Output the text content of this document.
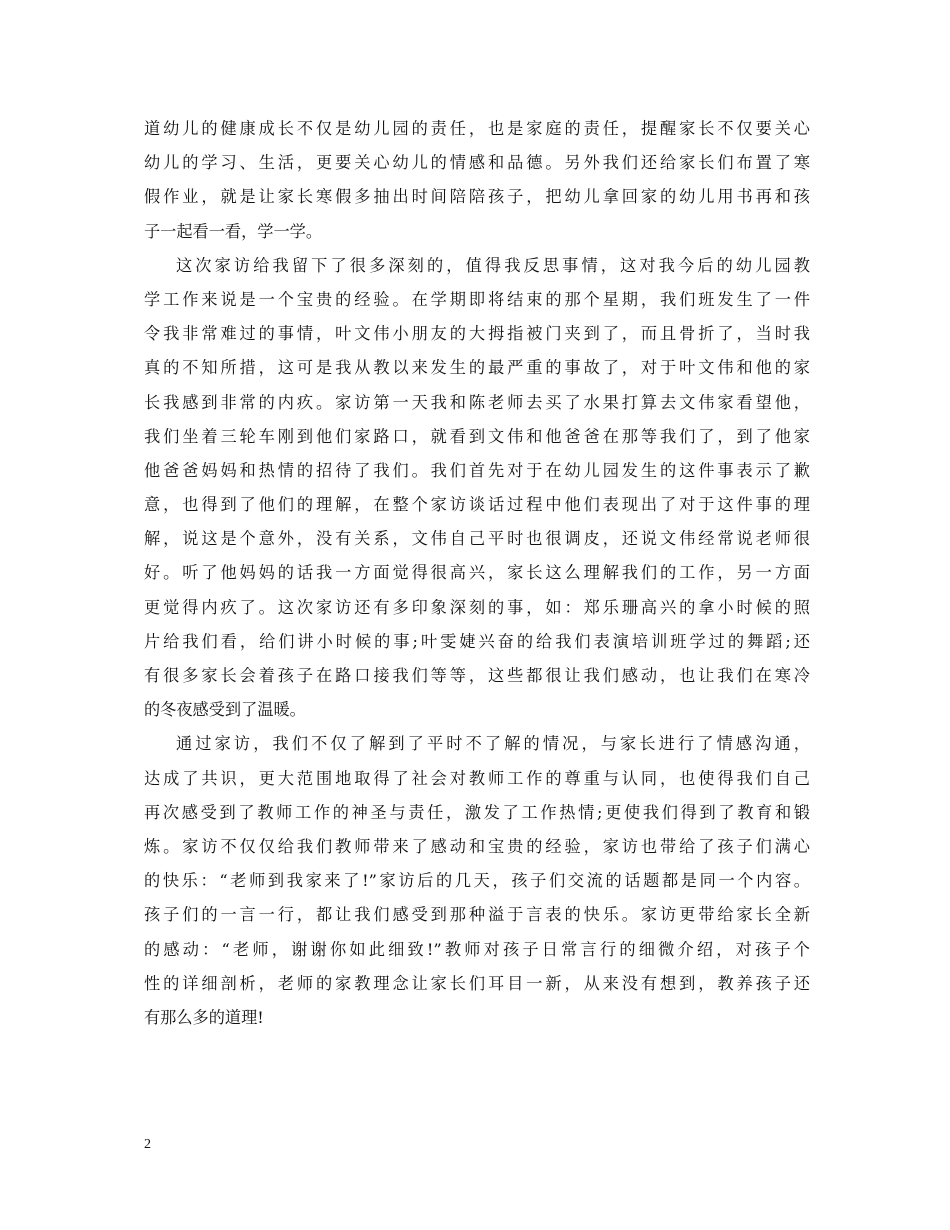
道幼儿的健康成长不仅是幼儿园的责任，也是家庭的责任，提醒家长不仅要关心
幼儿的学习、生活，更要关心幼儿的情感和品德。另外我们还给家长们布置了寒
假作业，就是让家长寒假多抽出时间陪陪孩子，把幼儿拿回家的幼儿用书再和孩
子一起看一看，学一学。
这次家访给我留下了很多深刻的，值得我反思事情，这对我今后的幼儿园教
学工作来说是一个宝贵的经验。在学期即将结束的那个星期，我们班发生了一件
令我非常难过的事情，叶文伟小朋友的大拇指被门夹到了，而且骨折了，当时我
真的不知所措，这可是我从教以来发生的最严重的事故了，对于叶文伟和他的家
长我感到非常的内疚。家访第一天我和陈老师去买了水果打算去文伟家看望他，
我们坐着三轮车刚到他们家路口，就看到文伟和他爸爸在那等我们了，到了他家
他爸爸妈妈和热情的招待了我们。我们首先对于在幼儿园发生的这件事表示了歉
意，也得到了他们的理解，在整个家访谈话过程中他们表现出了对于这件事的理
解，说这是个意外，没有关系，文伟自己平时也很调皮，还说文伟经常说老师很
好。听了他妈妈的话我一方面觉得很高兴，家长这么理解我们的工作，另一方面
更觉得内疚了。这次家访还有多印象深刻的事，如：郑乐珊高兴的拿小时候的照
片给我们看，给们讲小时候的事;叶雯婕兴奋的给我们表演培训班学过的舞蹈;还
有很多家长会着孩子在路口接我们等等，这些都很让我们感动，也让我们在寒冷
的冬夜感受到了温暖。
通过家访，我们不仅了解到了平时不了解的情况，与家长进行了情感沟通，
达成了共识，更大范围地取得了社会对教师工作的尊重与认同，也使得我们自己
再次感受到了教师工作的神圣与责任，激发了工作热情;更使我们得到了教育和锻
炼。家访不仅仅给我们教师带来了感动和宝贵的经验，家访也带给了孩子们满心
的快乐：“老师到我家来了!”家访后的几天，孩子们交流的话题都是同一个内容。
孩子们的一言一行，都让我们感受到那种溢于言表的快乐。家访更带给家长全新
的感动：“老师，谢谢你如此细致!”教师对孩子日常言行的细微介绍，对孩子个
性的详细剖析，老师的家教理念让家长们耳目一新，从来没有想到，教养孩子还
有那么多的道理!
2
